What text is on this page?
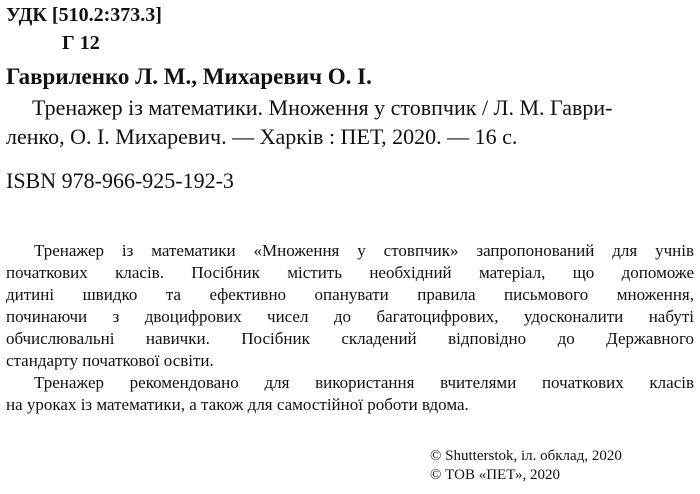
УДК [510.2:373.3]
Г 12
Гавриленко Л. М., Михаревич О. І.
Тренажер із математики. Множення у стовпчик / Л. М. Гаври-
ленко, О. І. Михаревич. — Харків : ПЕТ, 2020. — 16 с.
ISBN 978-966-925-192-3
Тренажер із математики «Множення у стовпчик» запропонований для учнів
початкових класів. Посібник містить необхідний матеріал, що допоможе
дитині швидко та ефективно опанувати правила письмового множення,
починаючи з двоцифрових чисел до багатоцифрових, удосконалити набуті
обчислювальні навички. Посібник складений відповідно до Державного
стандарту початкової освіти.
Тренажер рекомендовано для використання вчителями початкових класів
на уроках із математики, а також для самостійної роботи вдома.
© Shutterstok, іл. обклад, 2020
© ТОВ «ПЕТ», 2020
